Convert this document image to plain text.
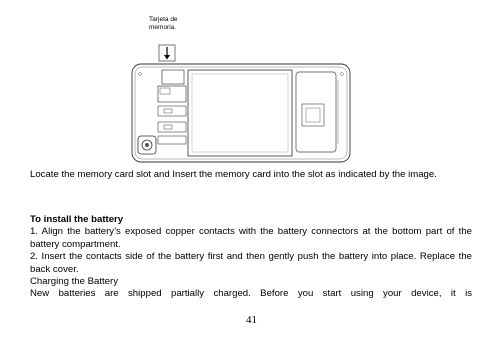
Tarjeta de
memoria.
Locate the memory card slot and Insert the memory card into the slot as indicated by the image.
To install the battery
1. Align the battery’s exposed copper contacts with the battery connectors at the bottom part of the battery compartment.
2. Insert the contacts side of the battery first and then gently push the battery into place. Replace the back cover.
Charging the Battery
New batteries are shipped partially charged. Before you start using your device, it is
41
